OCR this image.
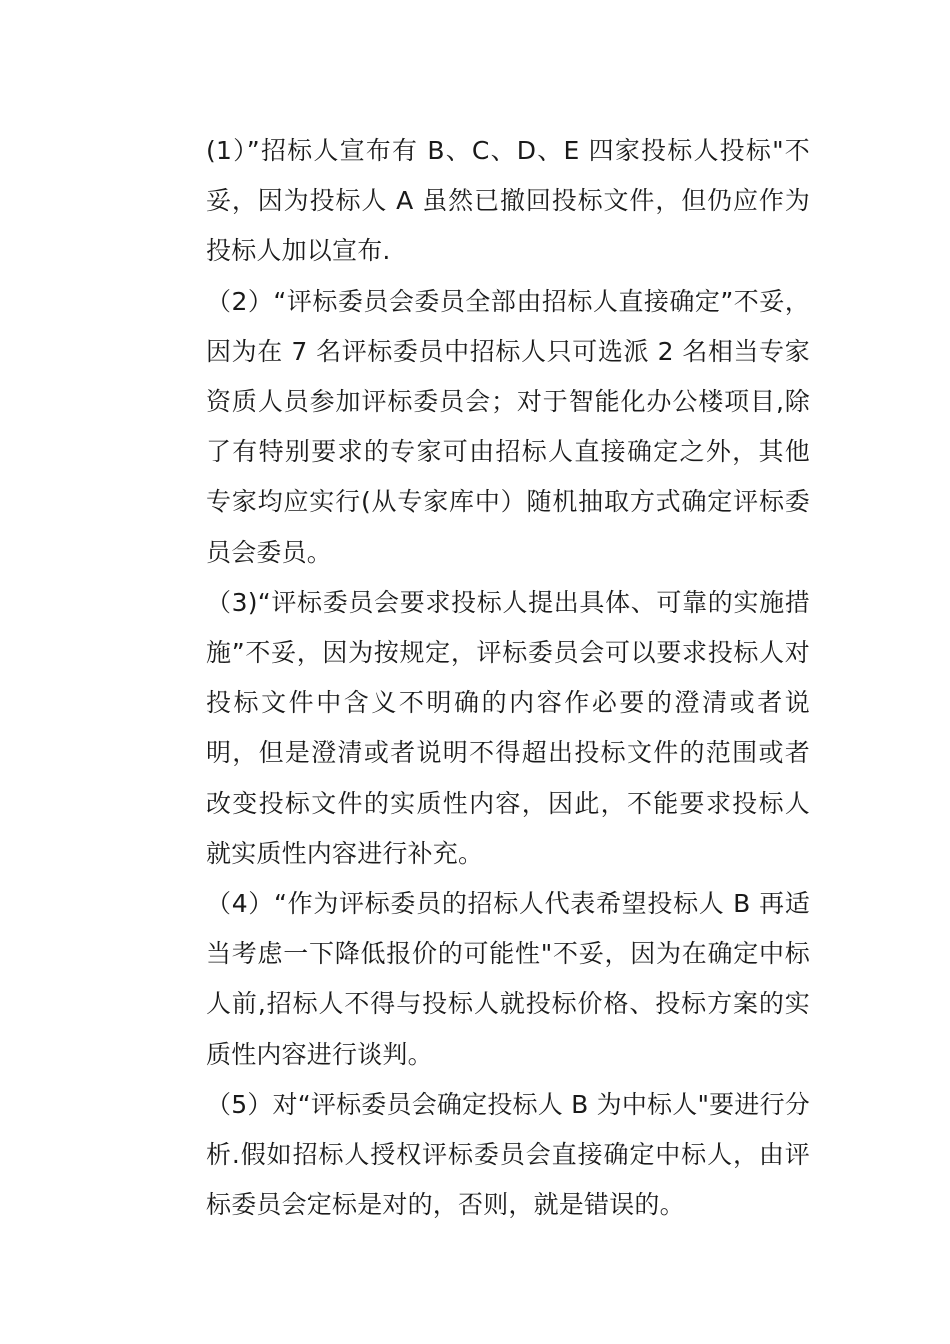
(1）”招标人宣布有 B、C、D、E 四家投标人投标"不妥，因为投标人 A 虽然已撤回投标文件，但仍应作为投标人加以宣布.

（2）“评标委员会委员全部由招标人直接确定”不妥，因为在 7 名评标委员中招标人只可选派 2 名相当专家资质人员参加评标委员会；对于智能化办公楼项目,除了有特别要求的专家可由招标人直接确定之外，其他专家均应实行(从专家库中）随机抽取方式确定评标委员会委员。

（3)“评标委员会要求投标人提出具体、可靠的实施措施”不妥，因为按规定，评标委员会可以要求投标人对投标文件中含义不明确的内容作必要的澄清或者说明，但是澄清或者说明不得超出投标文件的范围或者改变投标文件的实质性内容，因此，不能要求投标人就实质性内容进行补充。

（4）“作为评标委员的招标人代表希望投标人 B 再适当考虑一下降低报价的可能性"不妥，因为在确定中标人前,招标人不得与投标人就投标价格、投标方案的实质性内容进行谈判。

（5）对“评标委员会确定投标人 B 为中标人"要进行分析.假如招标人授权评标委员会直接确定中标人，由评标委员会定标是对的，否则，就是错误的。
